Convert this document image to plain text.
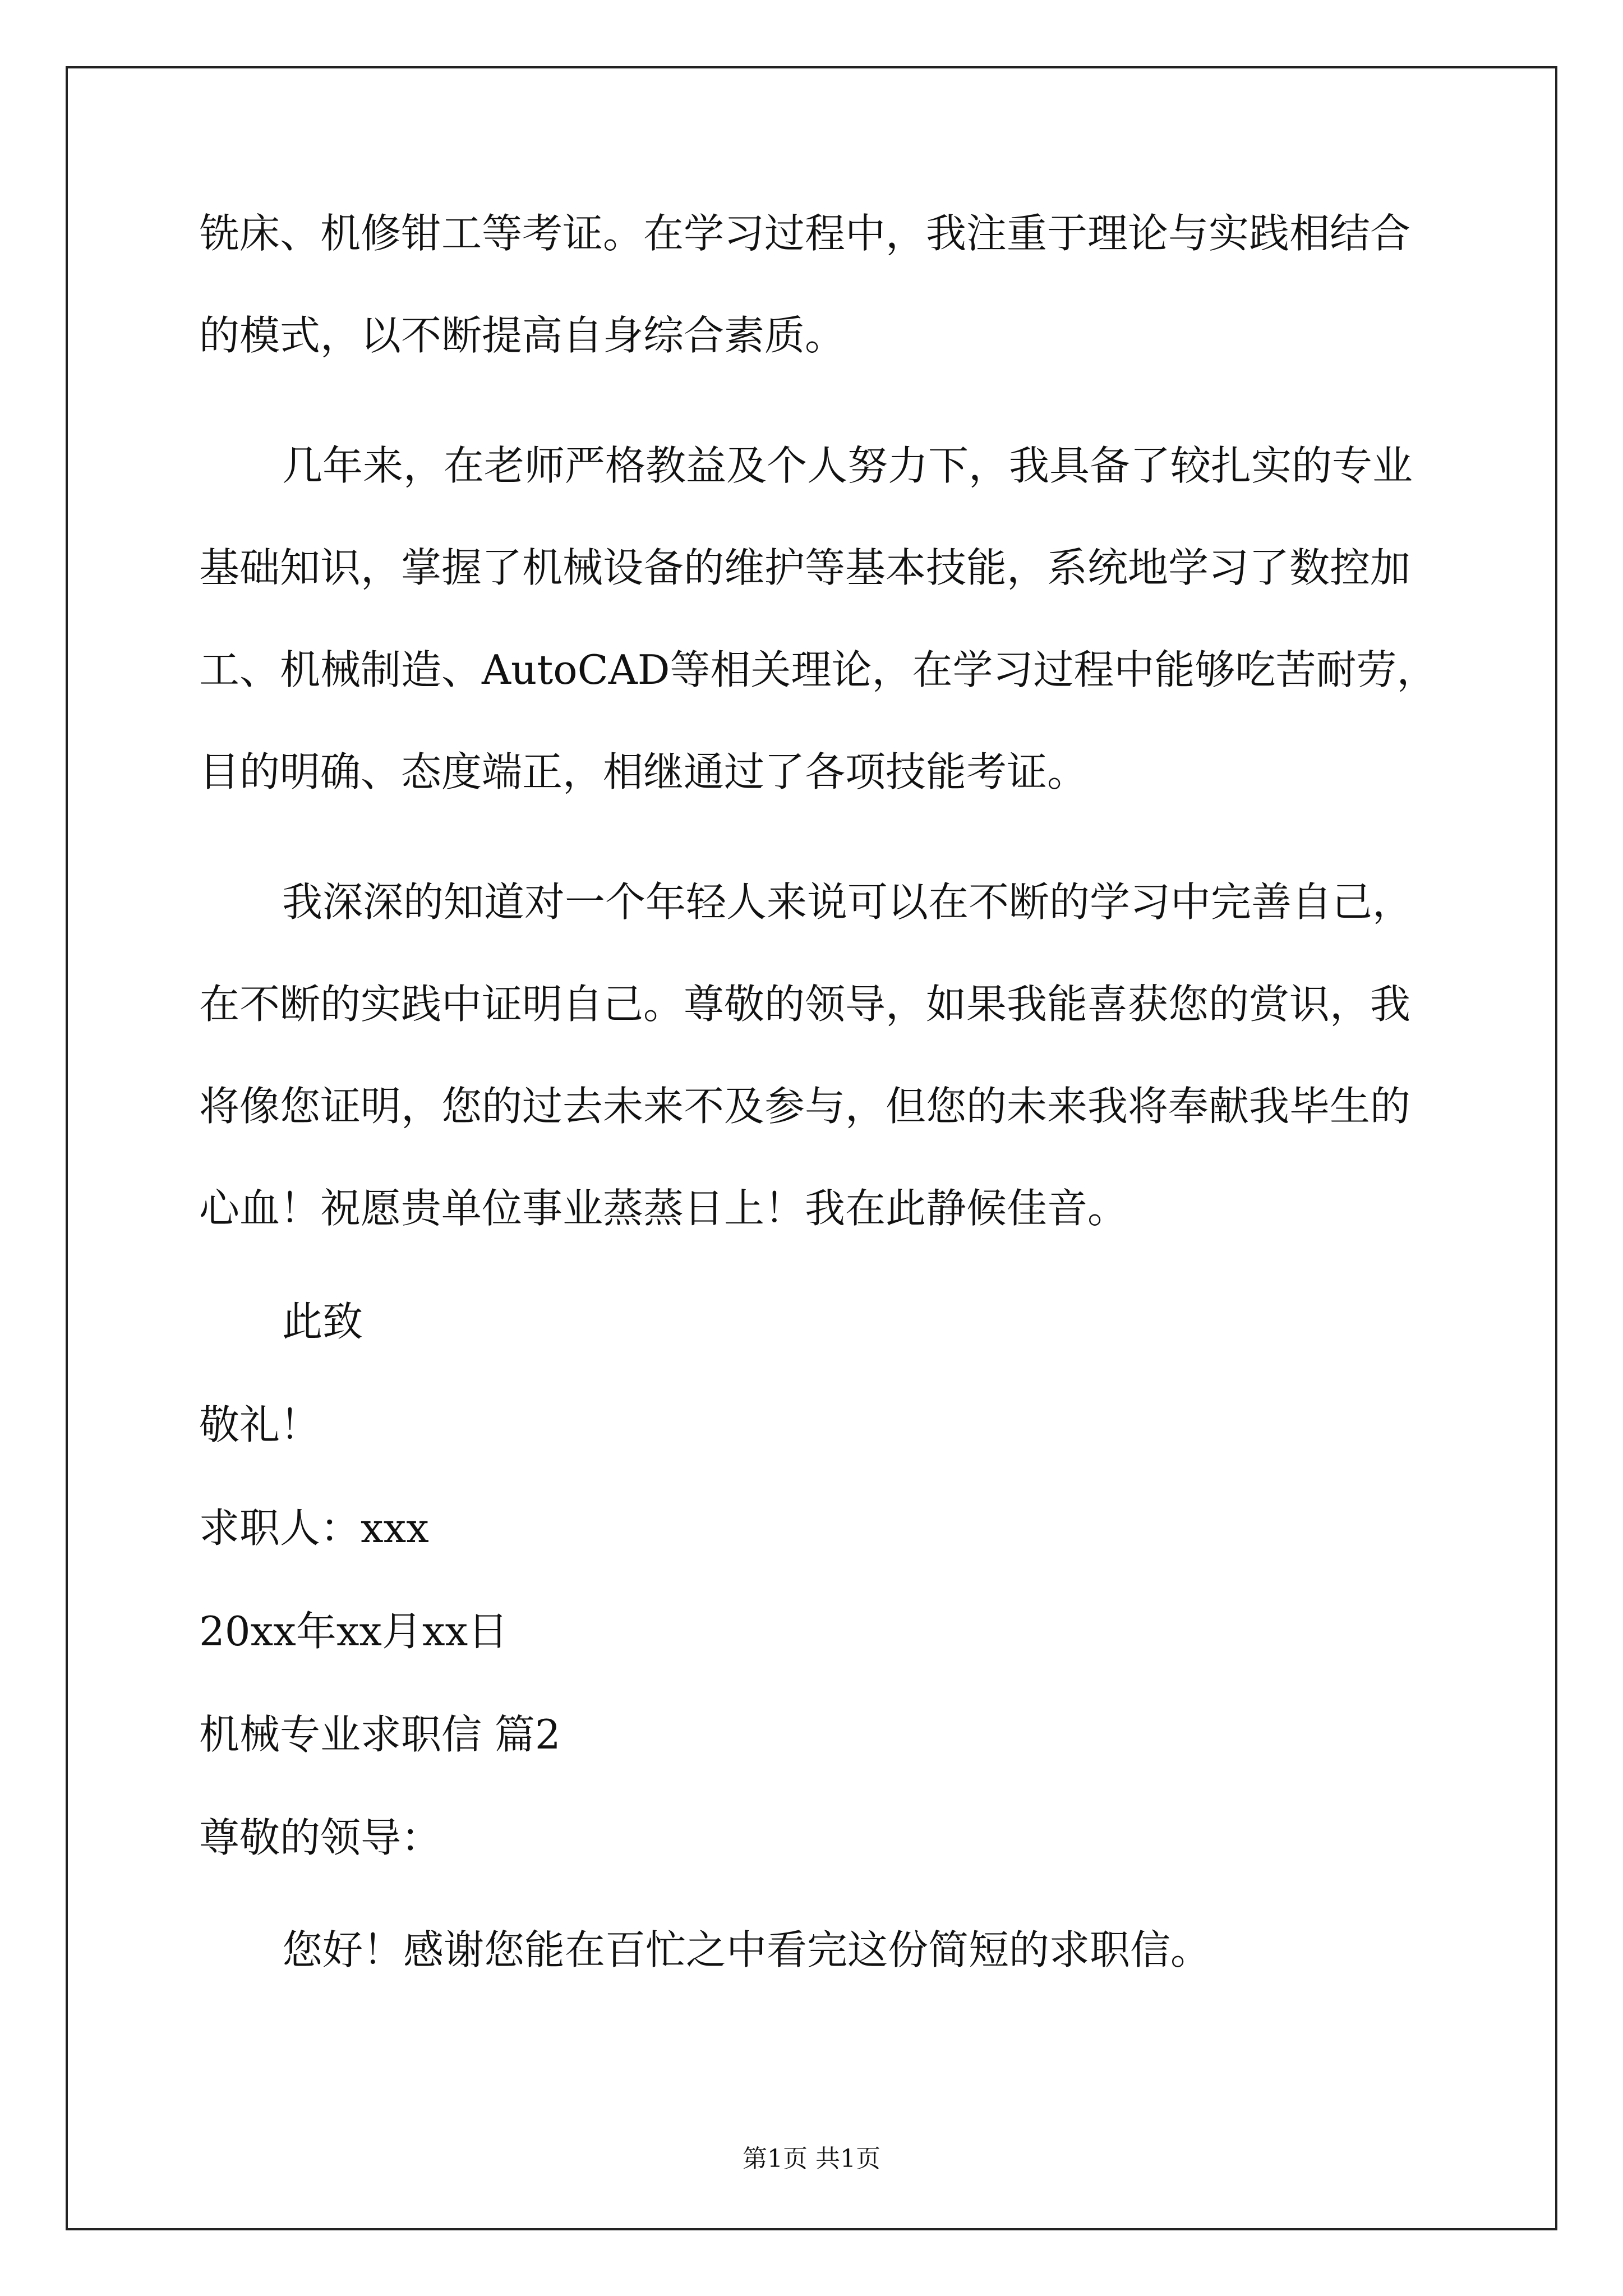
铣床、机修钳工等考证。在学习过程中，我注重于理论与实践相结合
的模式，以不断提高自身综合素质。
几年来，在老师严格教益及个人努力下，我具备了较扎实的专业
基础知识，掌握了机械设备的维护等基本技能，系统地学习了数控加
工、机械制造、AutoCAD等相关理论，在学习过程中能够吃苦耐劳，
目的明确、态度端正，相继通过了各项技能考证。
我深深的知道对一个年轻人来说可以在不断的学习中完善自己，
在不断的实践中证明自己。尊敬的领导，如果我能喜获您的赏识，我
将像您证明，您的过去未来不及参与，但您的未来我将奉献我毕生的
心血！祝愿贵单位事业蒸蒸日上！我在此静候佳音。
此致
敬礼！
求职人：xxx
20xx年xx月xx日
机械专业求职信 篇2
尊敬的领导：
您好！感谢您能在百忙之中看完这份简短的求职信。
第1页 共1页
